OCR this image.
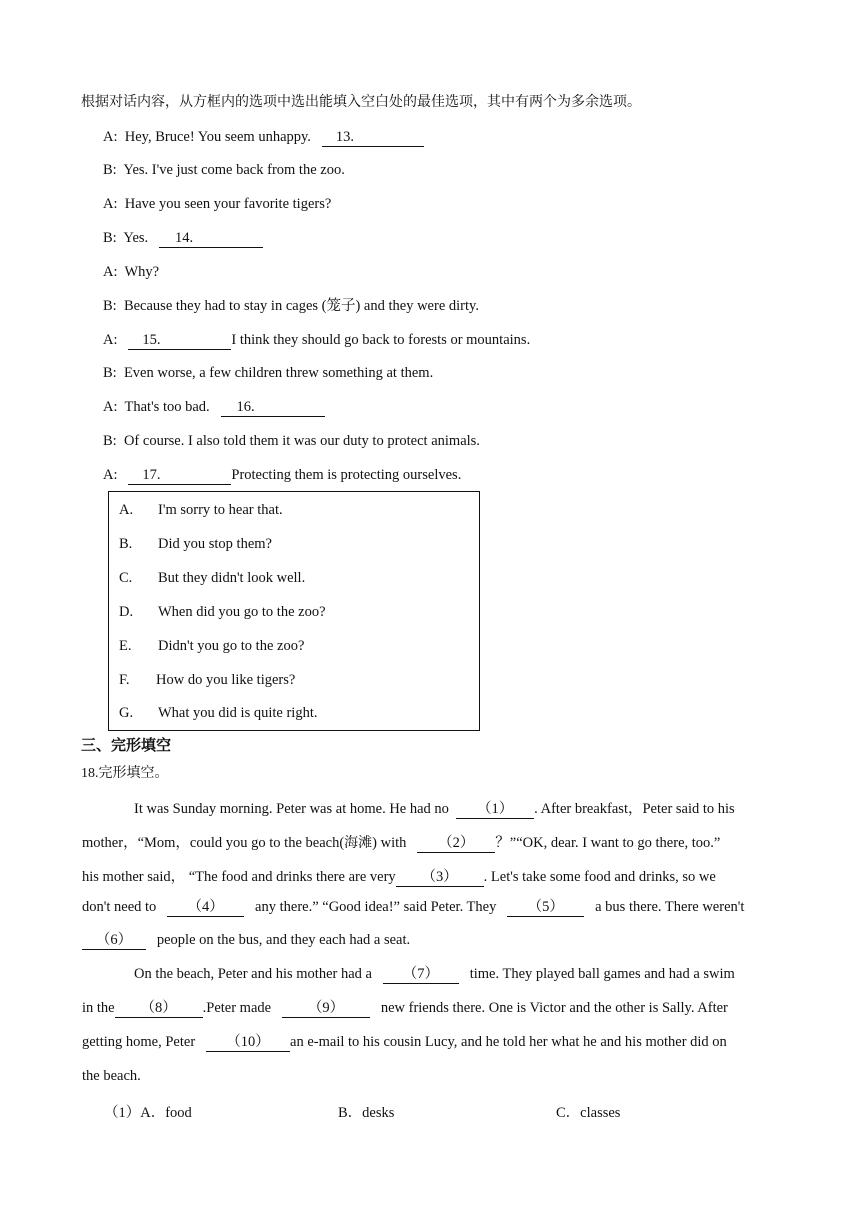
根据对话内容，从方框内的选项中选出能填入空白处的最佳选项，其中有两个为多余选项。
A: Hey, Bruce! You seem unhappy. 13.
B: Yes. I've just come back from the zoo.
A: Have you seen your favorite tigers?
B: Yes. 14.
A: Why?
B: Because they had to stay in cages (笼子) and they were dirty.
A: 15.	I think they should go back to forests or mountains.
B: Even worse, a few children threw something at them.
A: That's too bad. 16.
B: Of course. I also told them it was our duty to protect animals.
A: 17.	Protecting them is protecting ourselves.
A. I'm sorry to hear that.
B. Did you stop them?
C. But they didn't look well.
D. When did you go to the zoo?
E. Didn't you go to the zoo?
F. How do you like tigers?
G. What you did is quite right.
三、完形填空
18.完形填空。
It was Sunday morning. Peter was at home. He had no （1） . After breakfast，Peter said to his
mother，“Mom，could you go to the beach(海滩) with （2） ？”“OK, dear. I want to go there, too.”
his mother said， “The food and drinks there are very （3） . Let's take some food and drinks, so we
don't need to （4） any there.” “Good idea!” said Peter. They （5） a bus there. There weren't
（6） people on the bus, and they each had a seat.
On the beach, Peter and his mother had a （7） time. They played ball games and had a swim
in the （8） .Peter made	（9）	new friends there. One is Victor and the other is Sally. After
getting home, Peter （10） an e-mail to his cousin Lucy, and he told her what he and his mother did on
the beach.
（1）A．food	B．desks	C．classes
